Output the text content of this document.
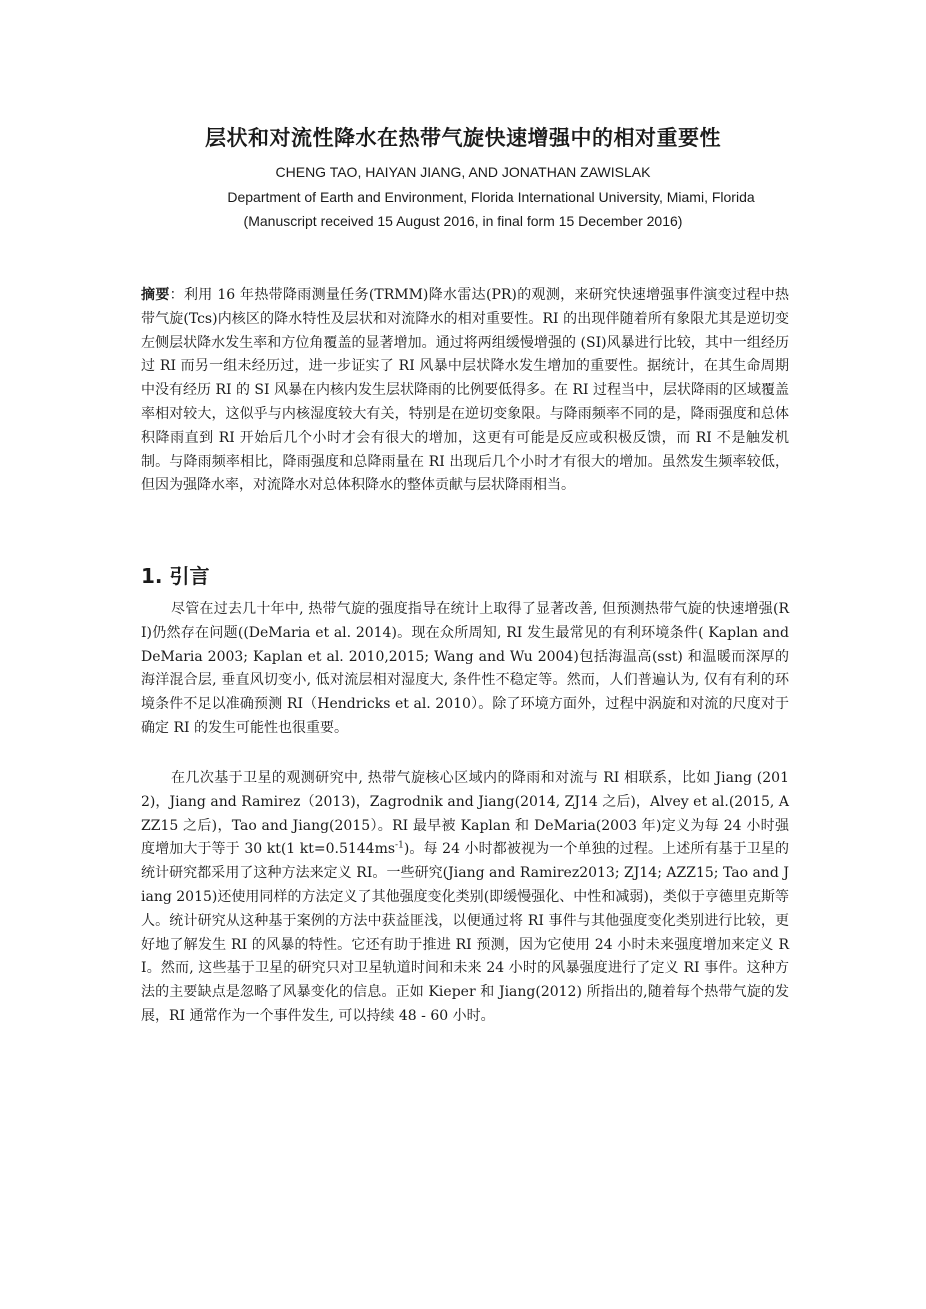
层状和对流性降水在热带气旋快速增强中的相对重要性

CHENG TAO, HAIYAN JIANG, AND JONATHAN ZAWISLAK

Department of Earth and Environment, Florida International University, Miami, Florida

(Manuscript received 15 August 2016, in final form 15 December 2016)

摘要：利用 16 年热带降雨测量任务(TRMM)降水雷达(PR)的观测，来研究快速增强事件演变过程中热带气旋(Tcs)内核区的降水特性及层状和对流降水的相对重要性。RI 的出现伴随着所有象限尤其是逆切变左侧层状降水发生率和方位角覆盖的显著增加。通过将两组缓慢增强的 (SI)风暴进行比较，其中一组经历过 RI 而另一组未经历过，进一步证实了 RI 风暴中层状降水发生增加的重要性。据统计，在其生命周期中没有经历 RI 的 SI 风暴在内核内发生层状降雨的比例要低得多。在 RI 过程当中，层状降雨的区域覆盖率相对较大，这似乎与内核湿度较大有关，特别是在逆切变象限。与降雨频率不同的是，降雨强度和总体积降雨直到 RI 开始后几个小时才会有很大的增加，这更有可能是反应或积极反馈，而 RI 不是触发机制。与降雨频率相比，降雨强度和总降雨量在 RI 出现后几个小时才有很大的增加。虽然发生频率较低，但因为强降水率，对流降水对总体积降水的整体贡献与层状降雨相当。

1. 引言

尽管在过去几十年中, 热带气旋的强度指导在统计上取得了显著改善, 但预测热带气旋的快速增强(RI)仍然存在问题((DeMaria et al. 2014)。现在众所周知, RI 发生最常见的有利环境条件( Kaplan and DeMaria 2003; Kaplan et al. 2010,2015; Wang and Wu 2004)包括海温高(sst) 和温暖而深厚的海洋混合层, 垂直风切变小, 低对流层相对湿度大, 条件性不稳定等。然而，人们普遍认为, 仅有有利的环境条件不足以准确预测 RI（Hendricks et al. 2010）。除了环境方面外，过程中涡旋和对流的尺度对于确定 RI 的发生可能性也很重要。

在几次基于卫星的观测研究中, 热带气旋核心区域内的降雨和对流与 RI 相联系，比如 Jiang (2012)，Jiang and Ramirez（2013)，Zagrodnik and Jiang(2014, ZJ14 之后)，Alvey et al.(2015, AZZ15 之后)，Tao and Jiang(2015）。RI 最早被 Kaplan 和 DeMaria(2003 年)定义为每 24 小时强度增加大于等于 30 kt(1 $kt=0.5144ms^{-1}$)。每 24 小时都被视为一个单独的过程。上述所有基于卫星的统计研究都采用了这种方法来定义 RI。一些研究(Jiang and Ramirez2013; ZJ14; AZZ15; Tao and Jiang 2015)还使用同样的方法定义了其他强度变化类别(即缓慢强化、中性和减弱)，类似于亨德里克斯等人。统计研究从这种基于案例的方法中获益匪浅，以便通过将 RI 事件与其他强度变化类别进行比较，更好地了解发生 RI 的风暴的特性。它还有助于推进 RI 预测，因为它使用 24 小时未来强度增加来定义 RI。然而, 这些基于卫星的研究只对卫星轨道时间和未来 24 小时的风暴强度进行了定义 RI 事件。这种方法的主要缺点是忽略了风暴变化的信息。正如 Kieper 和 Jiang(2012) 所指出的,随着每个热带气旋的发展，RI 通常作为一个事件发生, 可以持续 48 - 60 小时。
